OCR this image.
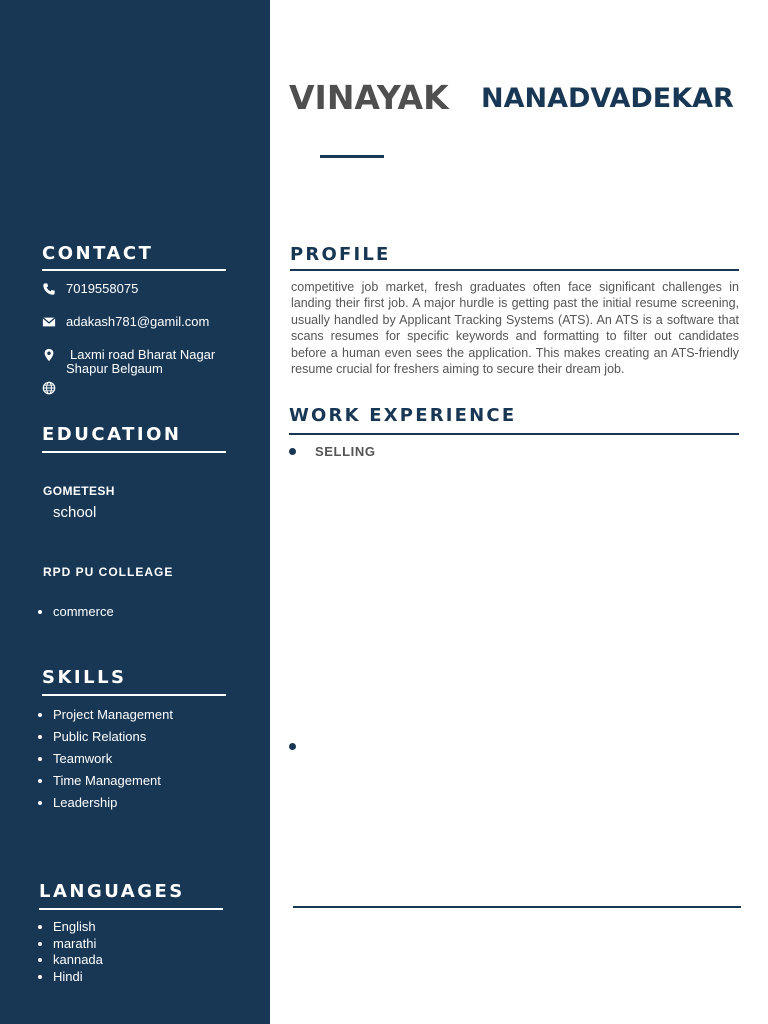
CONTACT
7019558075
adakash781@gamil.com
Laxmi road Bharat Nagar
Shapur Belgaum
EDUCATION

GOMETESH

school

RPD PU COLLEAGE

• commerce
SKILLS
• Project Management
• Public Relations
• Teamwork
• Time Management
• Leadership
LANGUAGES
• English
• marathi
• kannada
• Hindi
VINAYAK NANADVADEKAR
PROFILE

competitive job market, fresh graduates often face significant challenges in landing their first job. A major hurdle is getting past the initial resume screening, usually handled by Applicant Tracking Systems (ATS). An ATS is a software that scans resumes for specific keywords and formatting to filter out candidates before a human even sees the application. This makes creating an ATS-friendly resume crucial for freshers aiming to secure their dream job.

WORK EXPERIENCE

SELLING
